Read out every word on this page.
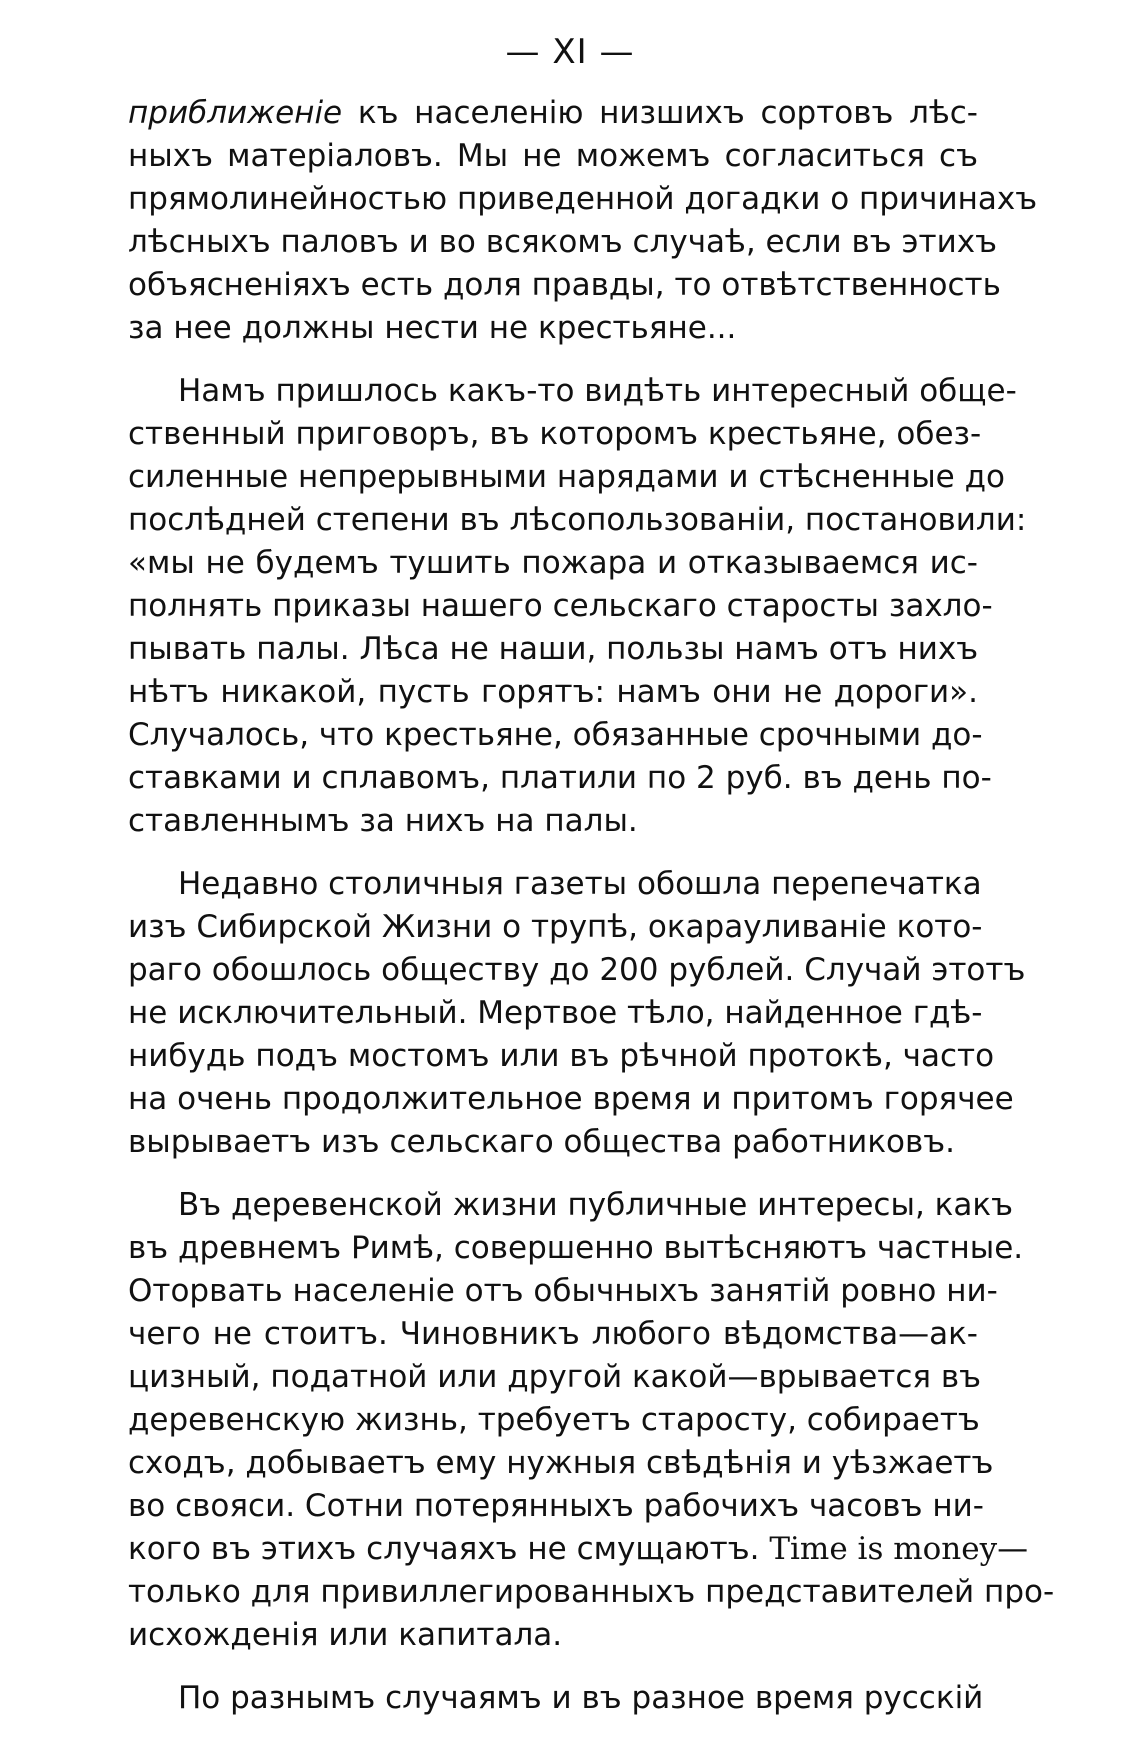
— XI —
приближенiе къ населенiю низшихъ сортовъ лѣс-
ныхъ матерiаловъ. Мы не можемъ согласиться съ
прямолинейностью приведенной догадки о причинахъ
лѣсныхъ паловъ и во всякомъ случаѣ, если въ этихъ
объясненiяхъ есть доля правды, то отвѣтственность
за нее должны нести не крестьяне...
Намъ пришлось какъ-то видѣть интересный обще-
ственный приговоръ, въ которомъ крестьяне, обез-
силенные непрерывными нарядами и стѣсненные до
послѣдней степени въ лѣсопользованiи, постановили:
«мы не будемъ тушить пожара и отказываемся ис-
полнять приказы нашего сельскаго старосты захло-
пывать палы. Лѣса не наши, пользы намъ отъ нихъ
нѣтъ никакой, пусть горятъ: намъ они не дороги».
Случалось, что крестьяне, обязанные срочными до-
ставками и сплавомъ, платили по 2 руб. въ день по-
ставленнымъ за нихъ на палы.
Недавно столичныя газеты обошла перепечатка
изъ Сибирской Жизни о трупѣ, окарауливанiе кото-
раго обошлось обществу до 200 рублей. Случай этотъ
не исключительный. Мертвое тѣло, найденное гдѣ-
нибудь подъ мостомъ или въ рѣчной протокѣ, часто
на очень продолжительное время и притомъ горячее
вырываетъ изъ сельскаго общества работниковъ.
Въ деревенской жизни публичные интересы, какъ
въ древнемъ Римѣ, совершенно вытѣсняютъ частные.
Оторвать населенiе отъ обычныхъ занятiй ровно ни-
чего не стоитъ. Чиновникъ любого вѣдомства—ак-
цизный, податной или другой какой—врывается въ
деревенскую жизнь, требуетъ старосту, собираетъ
сходъ, добываетъ ему нужныя свѣдѣнiя и уѣзжаетъ
во свояси. Сотни потерянныхъ рабочихъ часовъ ни-
кого въ этихъ случаяхъ не смущаютъ. Time is money—
только для привиллегированныхъ представителей про-
исхожденiя или капитала.
По разнымъ случаямъ и въ разное время русскiй
